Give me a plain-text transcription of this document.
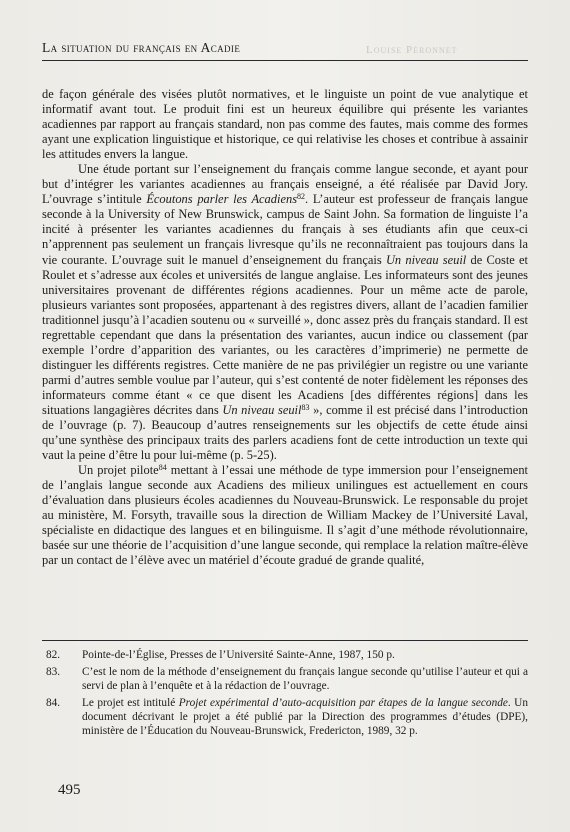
Louise Péronnet
La situation du français en Acadie

de façon générale des visées plutôt normatives, et le linguiste un point de vue analytique et informatif avant tout. Le produit fini est un heureux équilibre qui présente les variantes acadiennes par rapport au français standard, non pas comme des fautes, mais comme des formes ayant une explication linguistique et historique, ce qui relativise les choses et contribue à assainir les attitudes envers la langue.

Une étude portant sur l’enseignement du français comme langue seconde, et ayant pour but d’intégrer les variantes acadiennes au français enseigné, a été réalisée par David Jory. L’ouvrage s’intitule Écoutons parler les Acadiens$^{82}$. L’auteur est professeur de français langue seconde à la University of New Brunswick, campus de Saint John. Sa formation de linguiste l’a incité à présenter les variantes acadiennes du français à ses étudiants afin que ceux-ci n’apprennent pas seulement un français livresque qu’ils ne reconnaîtraient pas toujours dans la vie courante. L’ouvrage suit le manuel d’enseignement du français Un niveau seuil de Coste et Roulet et s’adresse aux écoles et universités de langue anglaise. Les informateurs sont des jeunes universitaires provenant de différentes régions acadiennes. Pour un même acte de parole, plusieurs variantes sont proposées, appartenant à des registres divers, allant de l’acadien familier traditionnel jusqu’à l’acadien soutenu ou « surveillé », donc assez près du français standard. Il est regrettable cependant que dans la présentation des variantes, aucun indice ou classement (par exemple l’ordre d’apparition des variantes, ou les caractères d’imprimerie) ne permette de distinguer les différents registres. Cette manière de ne pas privilégier un registre ou une variante parmi d’autres semble voulue par l’auteur, qui s’est contenté de noter fidèlement les réponses des informateurs comme étant « ce que disent les Acadiens [des différentes régions] dans les situations langagières décrites dans Un niveau seuil$^{83}$ », comme il est précisé dans l’introduction de l’ouvrage (p. 7). Beaucoup d’autres renseignements sur les objectifs de cette étude ainsi qu’une synthèse des principaux traits des parlers acadiens font de cette introduction un texte qui vaut la peine d’être lu pour lui-même (p. 5-25).

Un projet pilote$^{84}$ mettant à l’essai une méthode de type immersion pour l’enseignement de l’anglais langue seconde aux Acadiens des milieux unilingues est actuellement en cours d’évaluation dans plusieurs écoles acadiennes du Nouveau-Brunswick. Le responsable du projet au ministère, M. Forsyth, travaille sous la direction de William Mackey de l’Université Laval, spécialiste en didactique des langues et en bilinguisme. Il s’agit d’une méthode révolutionnaire, basée sur une théorie de l’acquisition d’une langue seconde, qui remplace la relation maître-élève par un contact de l’élève avec un matériel d’écoute gradué de grande qualité,

82.	Pointe-de-l’Église, Presses de l’Université Sainte-Anne, 1987, 150 p.
83.	C’est le nom de la méthode d’enseignement du français langue seconde qu’utilise l’auteur et qui a servi de plan à l’enquête et à la rédaction de l’ouvrage.
84.	Le projet est intitulé Projet expérimental d’auto-acquisition par étapes de la langue seconde. Un document décrivant le projet a été publié par la Direction des programmes d’études (DPE), ministère de l’Éducation du Nouveau-Brunswick, Fredericton, 1989, 32 p.
495
